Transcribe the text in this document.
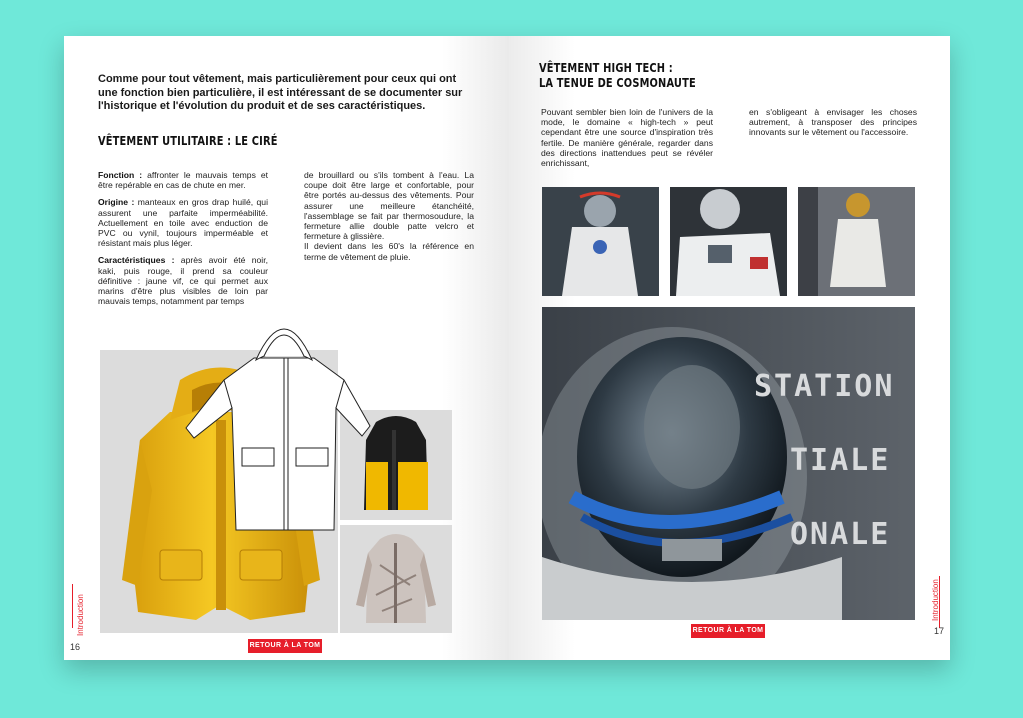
Comme pour tout vêtement, mais particulièrement pour ceux qui ont une fonction bien particulière, il est intéressant de se documenter sur l'historique et l'évolution du produit et de ses caractéristiques.

VÊTEMENT UTILITAIRE : LE CIRÉ

Fonction : affronter le mauvais temps et être repérable en cas de chute en mer.

Origine : manteaux en gros drap huilé, qui assurent une parfaite imperméabilité. Actuellement en toile avec enduction de PVC ou vynil, toujours imperméable et résistant mais plus léger.

Caractéristiques : après avoir été noir, kaki, puis rouge, il prend sa couleur définitive : jaune vif, ce qui permet aux marins d'être plus visibles de loin par mauvais temps, notamment par temps

de brouillard ou s'ils tombent à l'eau. La coupe doit être large et confortable, pour être portés au-dessus des vêtements. Pour assurer une meilleure étanchéité, l'assemblage se fait par thermosoudure, la fermeture allie double patte velcro et fermeture à glissière.

Il devient dans les 60's la référence en terme de vêtement de pluie.

Introduction
16	RETOUR À LA TOM
VÊTEMENT HIGH TECH :
LA TENUE DE COSMONAUTE

Pouvant sembler bien loin de l'univers de la mode, le domaine « high-tech » peut cependant être une source d'inspiration très fertile. De manière générale, regarder dans des directions inattendues peut se révéler enrichissant,

en s'obligeant à envisager les choses autrement, à transposer des principes innovants sur le vêtement ou l'accessoire.

STATION
TIALE
ONALE
Introduction
17
RETOUR À LA TOM
